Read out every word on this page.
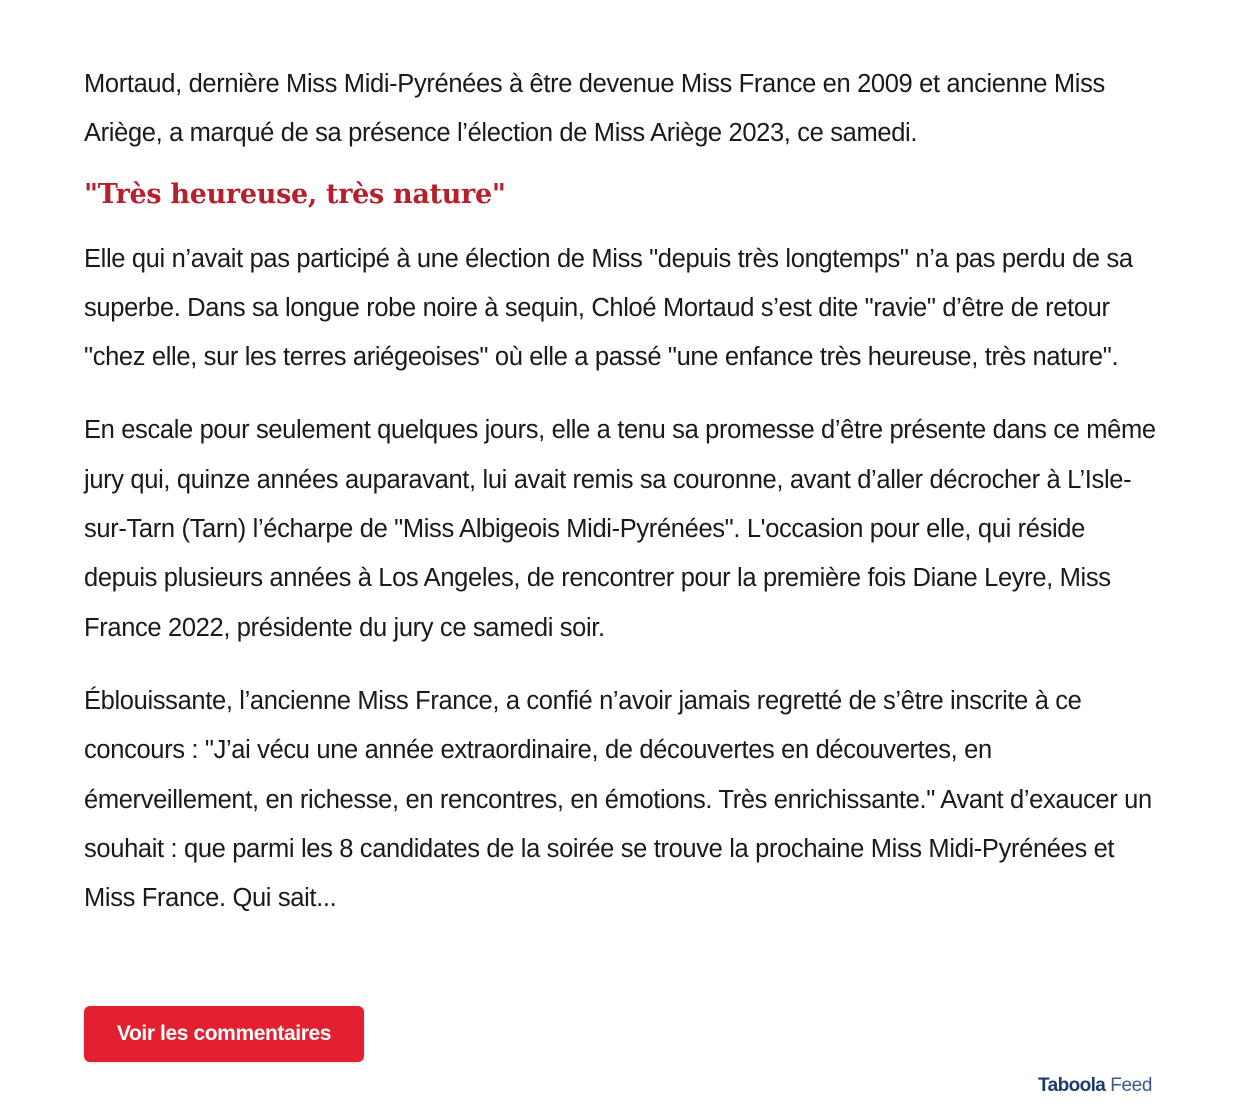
Mortaud, dernière Miss Midi-Pyrénées à être devenue Miss France en 2009 et ancienne Miss Ariège, a marqué de sa présence l’élection de Miss Ariège 2023, ce samedi.

"Très heureuse, très nature"

Elle qui n’avait pas participé à une élection de Miss "depuis très longtemps" n’a pas perdu de sa superbe. Dans sa longue robe noire à sequin, Chloé Mortaud s’est dite "ravie" d’être de retour "chez elle, sur les terres ariégeoises" où elle a passé "une enfance très heureuse, très nature".

En escale pour seulement quelques jours, elle a tenu sa promesse d’être présente dans ce même jury qui, quinze années auparavant, lui avait remis sa couronne, avant d’aller décrocher à L’Isle-sur-Tarn (Tarn) l’écharpe de "Miss Albigeois Midi-Pyrénées". L'occasion pour elle, qui réside depuis plusieurs années à Los Angeles, de rencontrer pour la première fois Diane Leyre, Miss France 2022, présidente du jury ce samedi soir.

Éblouissante, l’ancienne Miss France, a confié n’avoir jamais regretté de s’être inscrite à ce concours : "J’ai vécu une année extraordinaire, de découvertes en découvertes, en émerveillement, en richesse, en rencontres, en émotions. Très enrichissante." Avant d’exaucer un souhait : que parmi les 8 candidates de la soirée se trouve la prochaine Miss Midi-Pyrénées et Miss France. Qui sait...

Voir les commentaires
Taboola Feed
